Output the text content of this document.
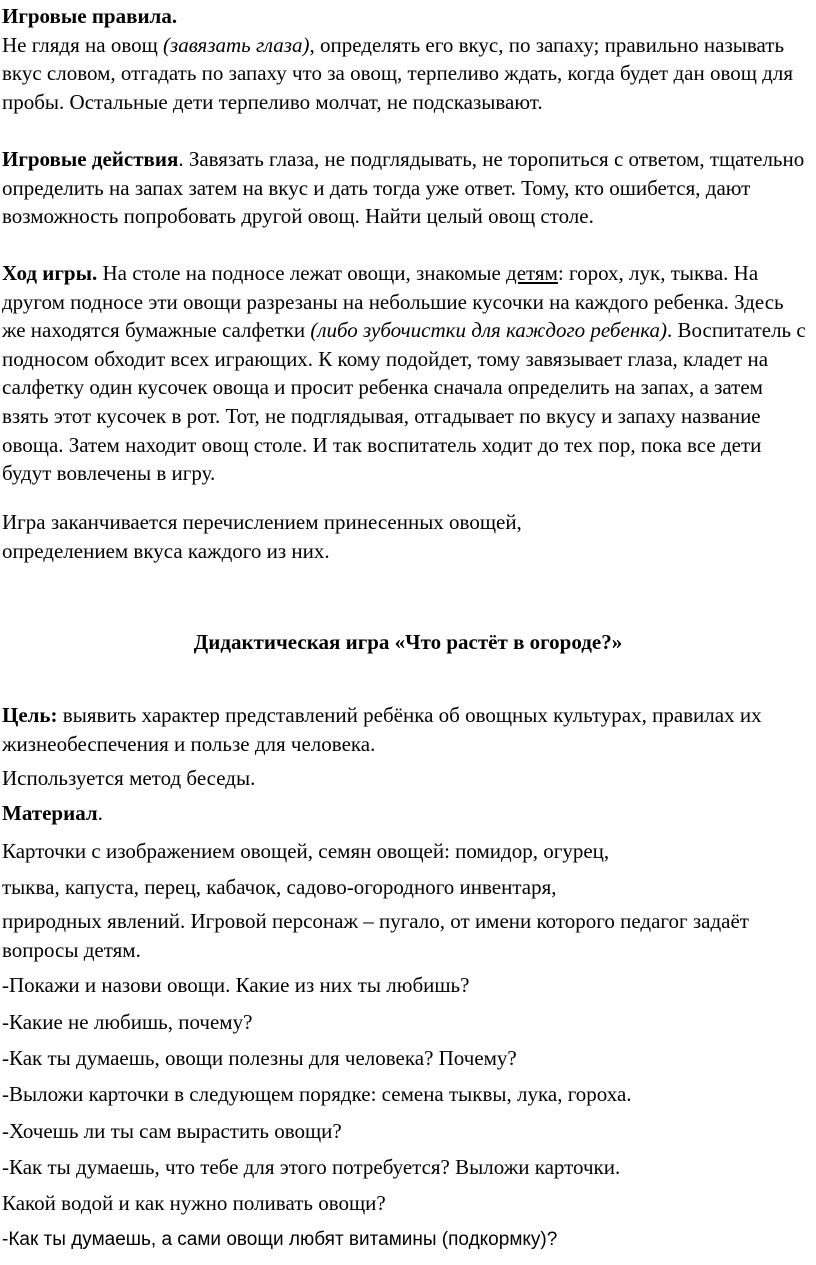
Игровые правила.
Не глядя на овощ (завязать глаза), определять его вкус, по запаху; правильно называть вкус словом, отгадать по запаху что за овощ, терпеливо ждать, когда будет дан овощ для пробы. Остальные дети терпеливо молчат, не подсказывают.

Игровые действия. Завязать глаза, не подглядывать, не торопиться с ответом, тщательно определить на запах затем на вкус и дать тогда уже ответ. Тому, кто ошибется, дают возможность попробовать другой овощ. Найти целый овощ столе.

Ход игры. На столе на подносе лежат овощи, знакомые детям: горох, лук, тыква. На другом подносе эти овощи разрезаны на небольшие кусочки на каждого ребенка. Здесь же находятся бумажные салфетки (либо зубочистки для каждого ребенка). Воспитатель с подносом обходит всех играющих. К кому подойдет, тому завязывает глаза, кладет на салфетку один кусочек овоща и просит ребенка сначала определить на запах, а затем взять этот кусочек в рот. Тот, не подглядывая, отгадывает по вкусу и запаху название овоща. Затем находит овощ столе. И так воспитатель ходит до тех пор, пока все дети будут вовлечены в игру.

Игра заканчивается перечислением принесенных овощей,

определением вкуса каждого из них.

Дидактическая игра «Что растёт в огороде?»

Цель: выявить характер представлений ребёнка об овощных культурах, правилах их жизнеобеспечения и пользе для человека.

Используется метод беседы.

Материал.

Карточки с изображением овощей, семян овощей: помидор, огурец,

тыква, капуста, перец, кабачок, садово-огородного инвентаря,

природных явлений. Игровой персонаж – пугало, от имени которого педагог задаёт вопросы детям.

-Покажи и назови овощи. Какие из них ты любишь?

-Какие не любишь, почему?

-Как ты думаешь, овощи полезны для человека? Почему?

-Выложи карточки в следующем порядке: семена тыквы, лука, гороха.

-Хочешь ли ты сам вырастить овощи?

-Как ты думаешь, что тебе для этого потребуется? Выложи карточки.

Какой водой и как нужно поливать овощи?

-Как ты думаешь, а сами овощи любят витамины (подкормку)?
